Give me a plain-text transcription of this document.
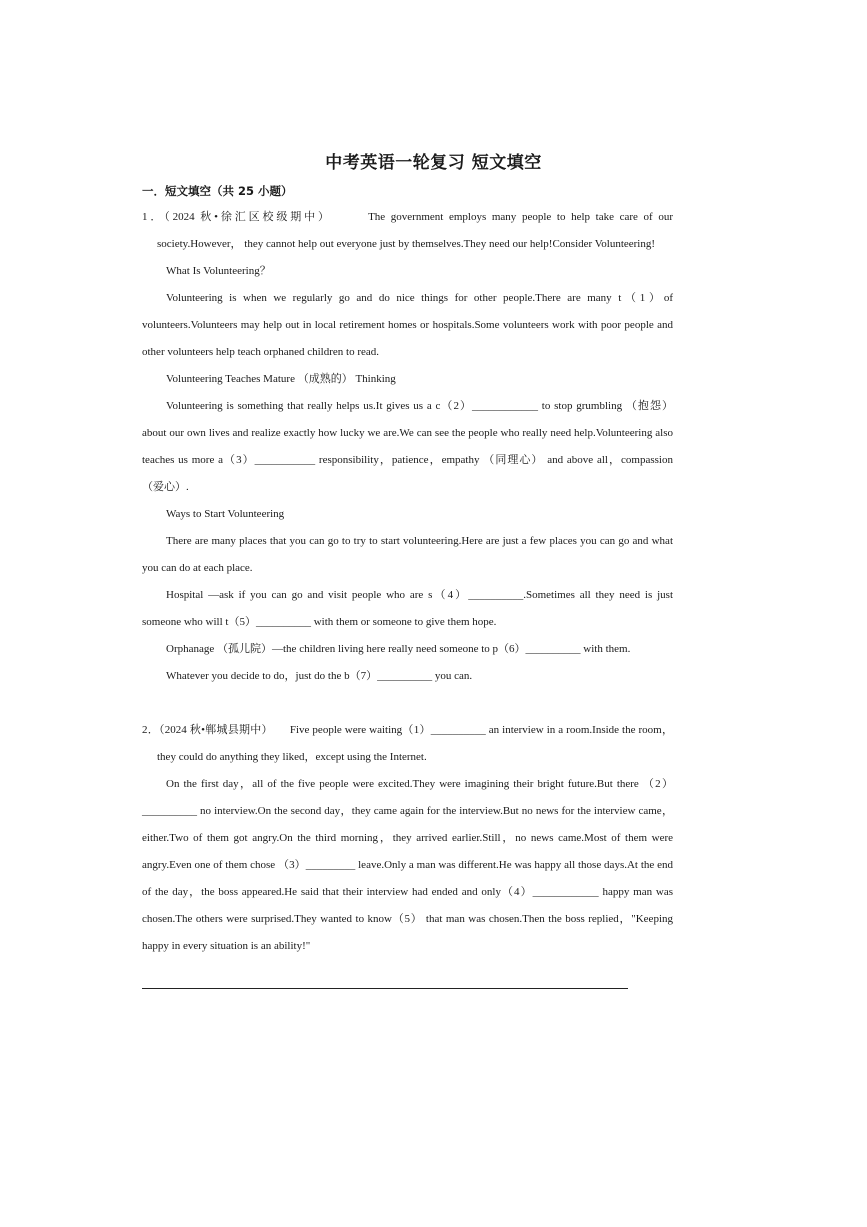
中考英语一轮复习 短文填空
一．短文填空（共 25 小题）
1．（2024 秋•徐汇区校级期中）　　　The government employs many people to help take care of our society.However， they cannot help out everyone just by themselves.They need our help!Consider Volunteering!
What Is Volunteering？
Volunteering is when we regularly go and do nice things for other people.There are many t（1）of volunteers.Volunteers may help out in local retirement homes or hospitals.Some volunteers work with poor people and other volunteers help teach orphaned children to read.
Volunteering Teaches Mature （成熟的） Thinking
Volunteering is something that really helps us.It gives us a c（2）____________ to stop grumbling （抱怨） about our own lives and realize exactly how lucky we are.We can see the people who really need help.Volunteering also teaches us more a（3）___________ responsibility，patience，empathy （同理心） and above all，compassion （爱心）.
Ways to Start Volunteering
There are many places that you can go to try to start volunteering.Here are just a few places you can go and what you can do at each place.
Hospital —ask if you can go and visit people who are s（4）__________.Sometimes all they need is just someone who will t（5）__________ with them or someone to give them hope.
Orphanage （孤儿院）—the children living here really need someone to p（6）__________ with them.
Whatever you decide to do，just do the b（7）__________ you can.
2．（2024 秋•郸城县期中）　　Five people were waiting（1）__________ an interview in a room.Inside the room，they could do anything they liked，except using the Internet.
On the first day，all of the five people were excited.They were imagining their bright future.But there （2）__________ no interview.On the second day，they came again for the interview.But no news for the interview came，either.Two of them got angry.On the third morning，they arrived earlier.Still，no news came.Most of them were angry.Even one of them chose （3）_________ leave.Only a man was different.He was happy all those days.At the end of the day，the boss appeared.He said that their interview had ended and only（4）____________ happy man was chosen.The others were surprised.They wanted to know（5） that man was chosen.Then the boss replied，"Keeping happy in every situation is an ability!"
